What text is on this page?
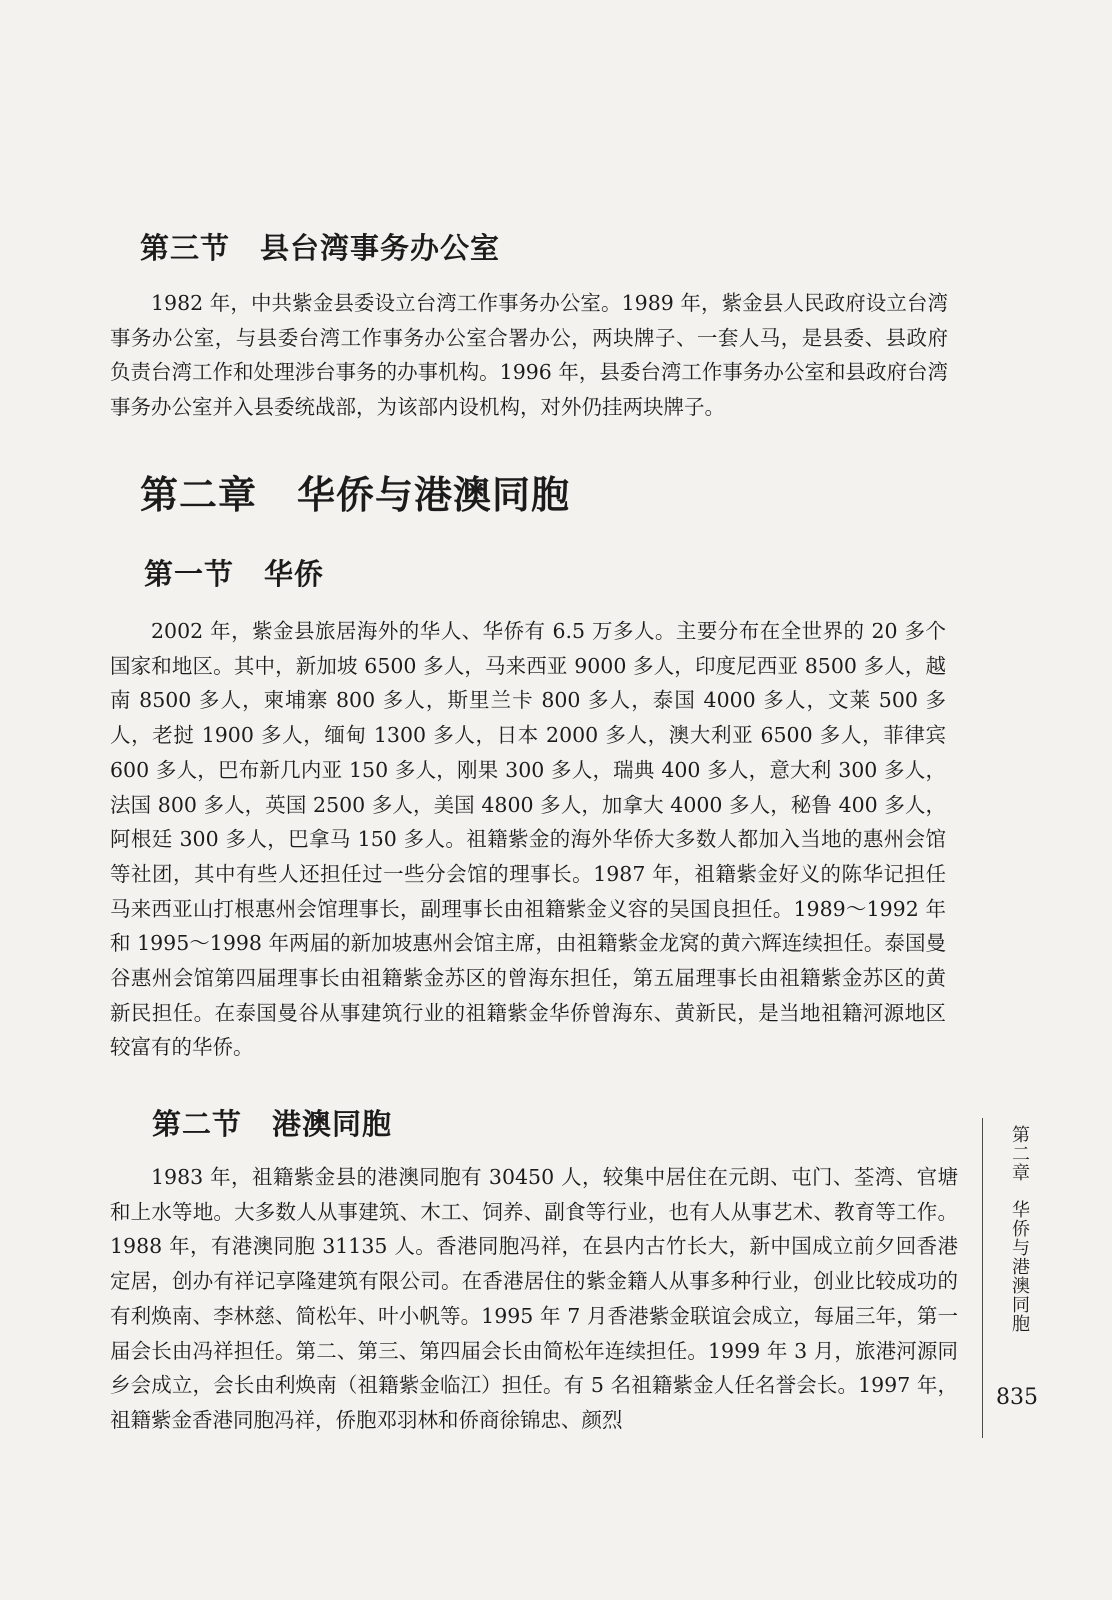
第三节 县台湾事务办公室

1982 年，中共紫金县委设立台湾工作事务办公室。1989 年，紫金县人民政府设立台湾事务办公室，与县委台湾工作事务办公室合署办公，两块牌子、一套人马，是县委、县政府负责台湾工作和处理涉台事务的办事机构。1996 年，县委台湾工作事务办公室和县政府台湾事务办公室并入县委统战部，为该部内设机构，对外仍挂两块牌子。

第二章 华侨与港澳同胞
第一节 华侨

2002 年，紫金县旅居海外的华人、华侨有 6.5 万多人。主要分布在全世界的 20 多个国家和地区。其中，新加坡 6500 多人，马来西亚 9000 多人，印度尼西亚 8500 多人，越南 8500 多人，柬埔寨 800 多人，斯里兰卡 800 多人，泰国 4000 多人，文莱 500 多人，老挝 1900 多人，缅甸 1300 多人，日本 2000 多人，澳大利亚 6500 多人，菲律宾 600 多人，巴布新几内亚 150 多人，刚果 300 多人，瑞典 400 多人，意大利 300 多人，法国 800 多人，英国 2500 多人，美国 4800 多人，加拿大 4000 多人，秘鲁 400 多人，阿根廷 300 多人，巴拿马 150 多人。祖籍紫金的海外华侨大多数人都加入当地的惠州会馆等社团，其中有些人还担任过一些分会馆的理事长。1987 年，祖籍紫金好义的陈华记担任马来西亚山打根惠州会馆理事长，副理事长由祖籍紫金义容的吴国良担任。1989～1992 年和 1995～1998 年两届的新加坡惠州会馆主席，由祖籍紫金龙窝的黄六辉连续担任。泰国曼谷惠州会馆第四届理事长由祖籍紫金苏区的曾海东担任，第五届理事长由祖籍紫金苏区的黄新民担任。在泰国曼谷从事建筑行业的祖籍紫金华侨曾海东、黄新民，是当地祖籍河源地区较富有的华侨。

第二节 港澳同胞

1983 年，祖籍紫金县的港澳同胞有 30450 人，较集中居住在元朗、屯门、荃湾、官塘和上水等地。大多数人从事建筑、木工、饲养、副食等行业，也有人从事艺术、教育等工作。1988 年，有港澳同胞 31135 人。香港同胞冯祥，在县内古竹长大，新中国成立前夕回香港定居，创办有祥记享隆建筑有限公司。在香港居住的紫金籍人从事多种行业，创业比较成功的有利焕南、李林慈、简松年、叶小帆等。1995 年 7 月香港紫金联谊会成立，每届三年，第一届会长由冯祥担任。第二、第三、第四届会长由简松年连续担任。1999 年 3 月，旅港河源同乡会成立，会长由利焕南（祖籍紫金临江）担任。有 5 名祖籍紫金人任名誉会长。1997 年，祖籍紫金香港同胞冯祥，侨胞邓羽林和侨商徐锦忠、颜烈

第二章华侨与港澳同胞
835
